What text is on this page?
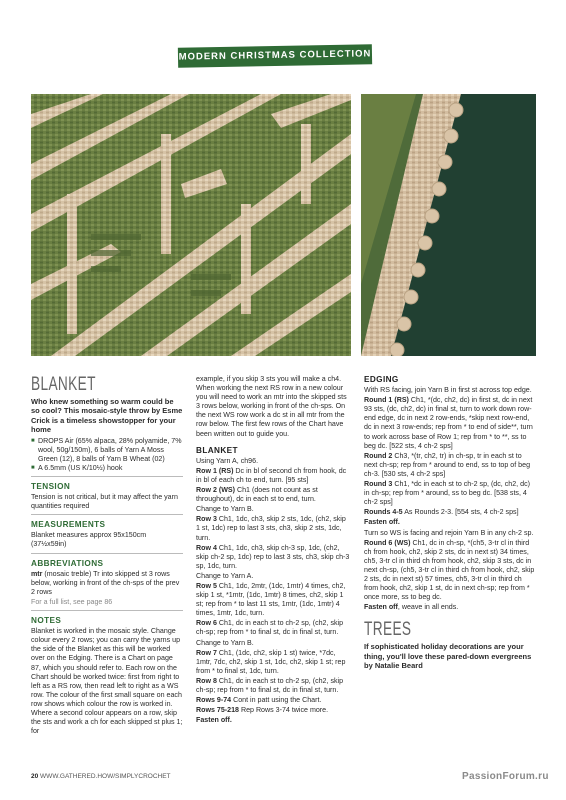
MODERN CHRISTMAS COLLECTION
BLANKET

Who knew something so warm could be so cool? This mosaic-style throw by Esme Crick is a timeless showstopper for your home

■ DROPS Air (65% alpaca, 28% polyamide, 7% wool, 50g/150m), 6 balls of Yarn A Moss Green (12), 8 balls of Yarn B Wheat (02)
■ A 6.5mm (US K/10½) hook
TENSION

Tension is not critical, but it may affect the yarn quantities required

MEASUREMENTS

Blanket measures approx 95x150cm (37½x59in)

ABBREVIATIONS

mtr (mosaic treble) Tr into skipped st 3 rows below, working in front of the ch-sps of the prev 2 rows

For a full list, see page 86

NOTES

Blanket is worked in the mosaic style. Change colour every 2 rows; you can carry the yarns up the side of the Blanket as this will be worked over on the Edging. There is a Chart on page 87, which you should refer to. Each row on the Chart should be worked twice: first from right to left as a RS row, then read left to right as a WS row. The colour of the first small square on each row shows which colour the row is worked in. Where a second colour appears on a row, skip the sts and work a ch for each skipped st plus 1; for

example, if you skip 3 sts you will make a ch4. When working the next RS row in a new colour you will need to work an mtr into the skipped sts 3 rows below, working in front of the ch-sps. On the next WS row work a dc st in all mtr from the row below. The first few rows of the Chart have been written out to guide you.

BLANKET

Using Yarn A, ch96.

Row 1 (RS) Dc in bl of second ch from hook, dc in bl of each ch to end, turn. [95 sts]

Row 2 (WS) Ch1 (does not count as st throughout), dc in each st to end, turn.

Change to Yarn B.

Row 3 Ch1, 1dc, ch3, skip 2 sts, 1dc, (ch2, skip 1 st, 1dc) rep to last 3 sts, ch3, skip 2 sts, 1dc, turn.

Row 4 Ch1, 1dc, ch3, skip ch-3 sp, 1dc, (ch2, skip ch-2 sp, 1dc) rep to last 3 sts, ch3, skip ch-3 sp, 1dc, turn.

Change to Yarn A.

Row 5 Ch1, 1dc, 2mtr, (1dc, 1mtr) 4 times, ch2, skip 1 st, *1mtr, (1dc, 1mtr) 8 times, ch2, skip 1 st; rep from * to last 11 sts, 1mtr, (1dc, 1mtr) 4 times, 1mtr, 1dc, turn.

Row 6 Ch1, dc in each st to ch-2 sp, (ch2, skip ch-sp; rep from * to final st, dc in final st, turn.

Change to Yarn B.

Row 7 Ch1, (1dc, ch2, skip 1 st) twice, *7dc, 1mtr, 7dc, ch2, skip 1 st, 1dc, ch2, skip 1 st; rep from * to final st, 1dc, turn.

Row 8 Ch1, dc in each st to ch-2 sp, (ch2, skip ch-sp; rep from * to final st, dc in final st, turn.

Rows 9-74 Cont in patt using the Chart.

Rows 75-218 Rep Rows 3-74 twice more.

Fasten off.

EDGING

With RS facing, join Yarn B in first st across top edge.

Round 1 (RS) Ch1, *(dc, ch2, dc) in first st, dc in next 93 sts, (dc, ch2, dc) in final st, turn to work down row-end edge, dc in next 2 row-ends, *skip next row-end, dc in next 3 row-ends; rep from * to end of side**, turn to work across base of Row 1; rep from * to **, ss to beg dc. [522 sts, 4 ch-2 sps]

Round 2 Ch3, *(tr, ch2, tr) in ch-sp, tr in each st to next ch-sp; rep from * around to end, ss to top of beg ch-3. [530 sts, 4 ch-2 sps]

Round 3 Ch1, *dc in each st to ch-2 sp, (dc, ch2, dc) in ch-sp; rep from * around, ss to beg dc. [538 sts, 4 ch-2 sps]

Rounds 4-5 As Rounds 2-3. [554 sts, 4 ch-2 sps]

Fasten off.

Turn so WS is facing and rejoin Yarn B in any ch-2 sp.

Round 6 (WS) Ch1, dc in ch-sp, *(ch5, 3-tr cl in third ch from hook, ch2, skip 2 sts, dc in next st) 34 times, ch5, 3-tr cl in third ch from hook, ch2, skip 3 sts, dc in next ch-sp, (ch5, 3-tr cl in third ch from hook, ch2, skip 2 sts, dc in next st) 57 times, ch5, 3-tr cl in third ch from hook, ch2, skip 1 st, dc in next ch-sp; rep from * once more, ss to beg dc.

Fasten off, weave in all ends.

TREES

If sophisticated holiday decorations are your thing, you'll love these pared-down evergreens by Natalie Beard

20 WWW.GATHERED.HOW/SIMPLYCROCHET	PassionForum.ru
